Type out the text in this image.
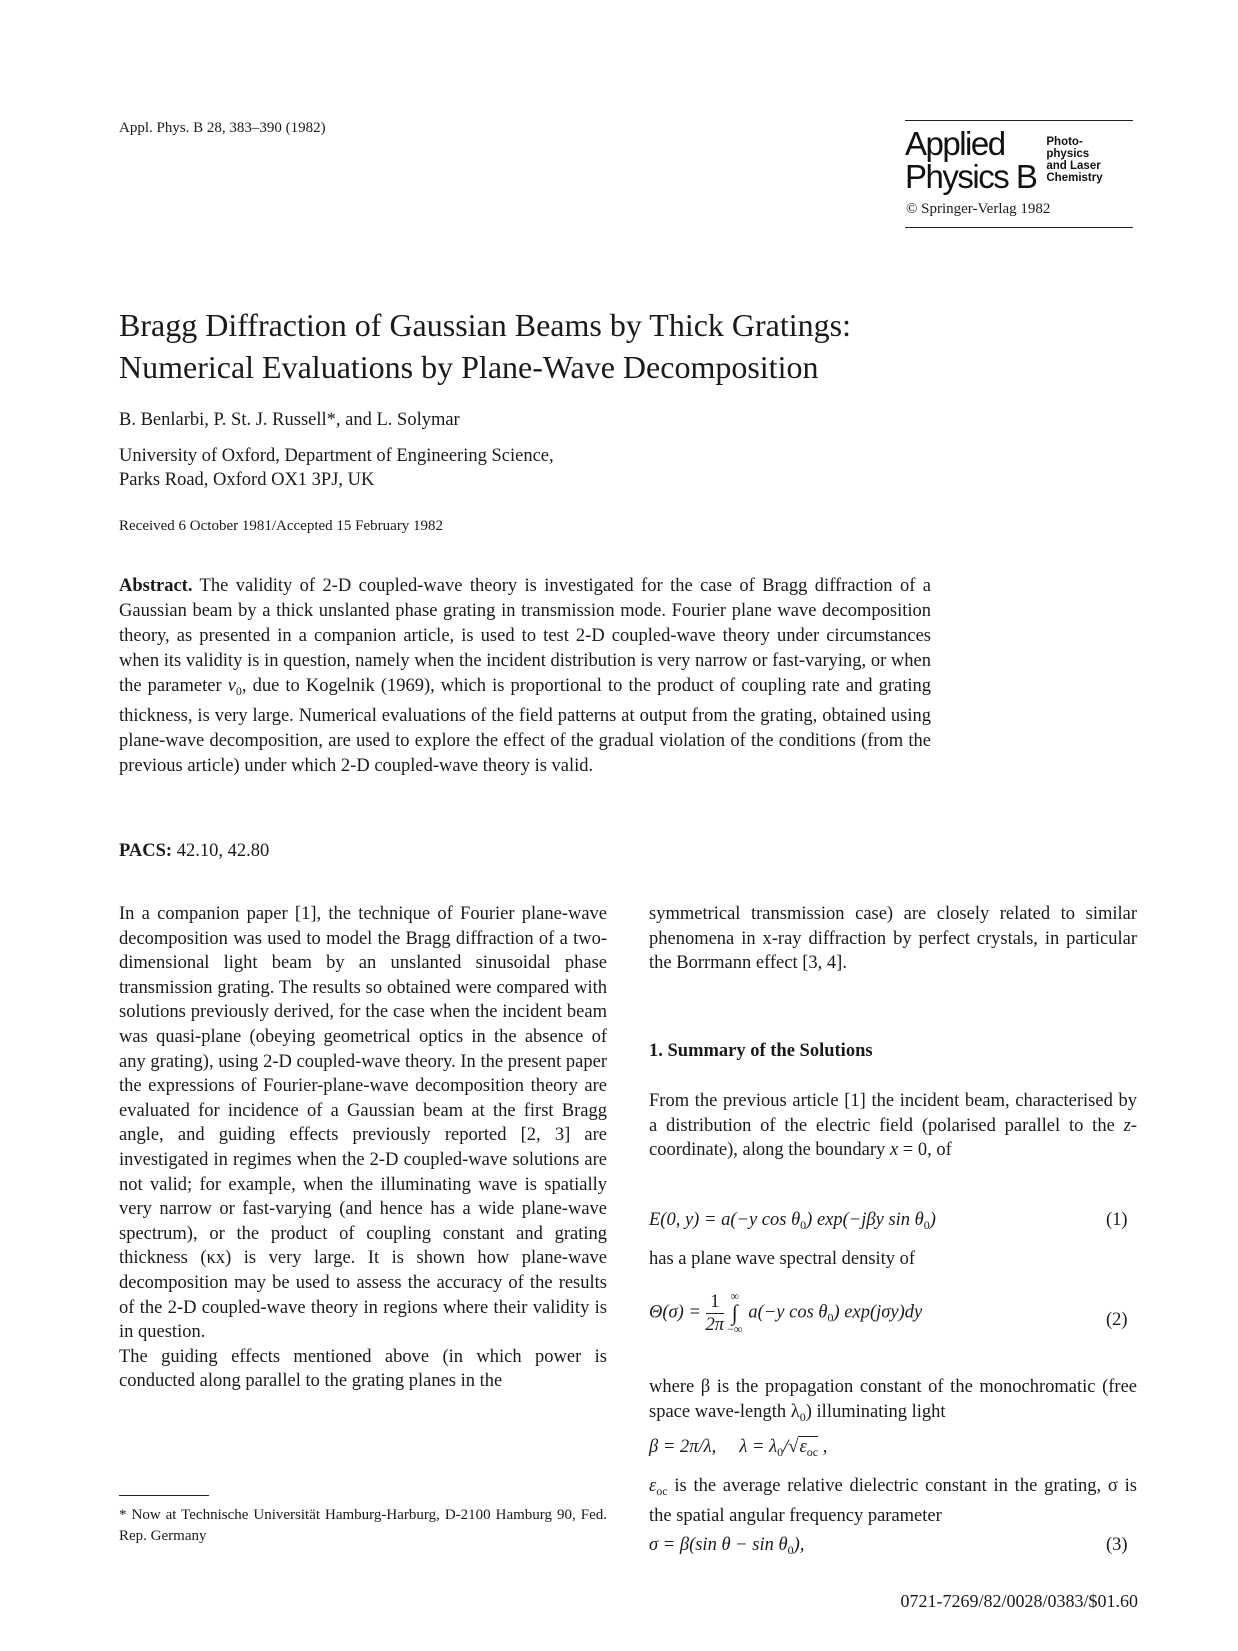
Appl. Phys. B 28, 383–390 (1982)	Applied
Physics B
Photo-
physics
and Laser
Chemistry
© Springer-Verlag 1982
Bragg Diffraction of Gaussian Beams by Thick Gratings:
Numerical Evaluations by Plane-Wave Decomposition
B. Benlarbi, P. St. J. Russell*, and L. Solymar
University of Oxford, Department of Engineering Science,
Parks Road, Oxford OX1 3PJ, UK
Received 6 October 1981/Accepted 15 February 1982
Abstract. The validity of 2-D coupled-wave theory is investigated for the case of Bragg diffraction of a Gaussian beam by a thick unslanted phase grating in transmission mode. Fourier plane wave decomposition theory, as presented in a companion article, is used to test 2-D coupled-wave theory under circumstances when its validity is in question, namely when the incident distribution is very narrow or fast-varying, or when the parameter $v_0$, due to Kogelnik (1969), which is proportional to the product of coupling rate and grating thickness, is very large. Numerical evaluations of the field patterns at output from the grating, obtained using plane-wave decomposition, are used to explore the effect of the gradual violation of the conditions (from the previous article) under which 2-D coupled-wave theory is valid.
PACS: 42.10, 42.80

In a companion paper [1], the technique of Fourier plane-wave decomposition was used to model the Bragg diffraction of a two-dimensional light beam by an unslanted sinusoidal phase transmission grating. The results so obtained were compared with solutions previously derived, for the case when the incident beam was quasi-plane (obeying geometrical optics in the absence of any grating), using 2-D coupled-wave theory. In the present paper the expressions of Fourier-plane-wave decomposition theory are evaluated for incidence of a Gaussian beam at the first Bragg angle, and guiding effects previously reported [2, 3] are investigated in regimes when the 2-D coupled-wave solutions are not valid; for example, when the illuminating wave is spatially very narrow or fast-varying (and hence has a wide plane-wave spectrum), or the product of coupling constant and grating thickness (κx) is very large. It is shown how plane-wave decomposition may be used to assess the accuracy of the results of the 2-D coupled-wave theory in regions where their validity is in question.

The guiding effects mentioned above (in which power is conducted along parallel to the grating planes in the

* Now at Technische Universität Hamburg-Harburg, D-2100 Hamburg 90, Fed. Rep. Germany

symmetrical transmission case) are closely related to similar phenomena in x-ray diffraction by perfect crystals, in particular the Borrmann effect [3, 4].

1. Summary of the Solutions
From the previous article [1] the incident beam, characterised by a distribution of the electric field (polarised parallel to the z-coordinate), along the boundary x = 0, of
E(0, y) = a(−y $\cos \theta_0$) exp(−jβy $\sin \theta_0$)	(1)
has a plane wave spectral density of
$\Theta(\sigma) = \frac{1}{2\pi}$ ∞
∫
−∞
a(−y $\cos \theta_0$) exp(jσy)dy	(2)
where β is the propagation constant of the monochromatic (free space wave-length $\lambda_0$) illuminating light
β = 2π/λ, $\lambda = \lambda_0/√\varepsilon_{oc}$ ,
$\varepsilon_{oc}$ is the average relative dielectric constant in the grating, σ is the spatial angular frequency parameter
σ = β(sin $\theta - \sin \theta_0$),	(3)
0721-7269/82/0028/0383/$01.60
